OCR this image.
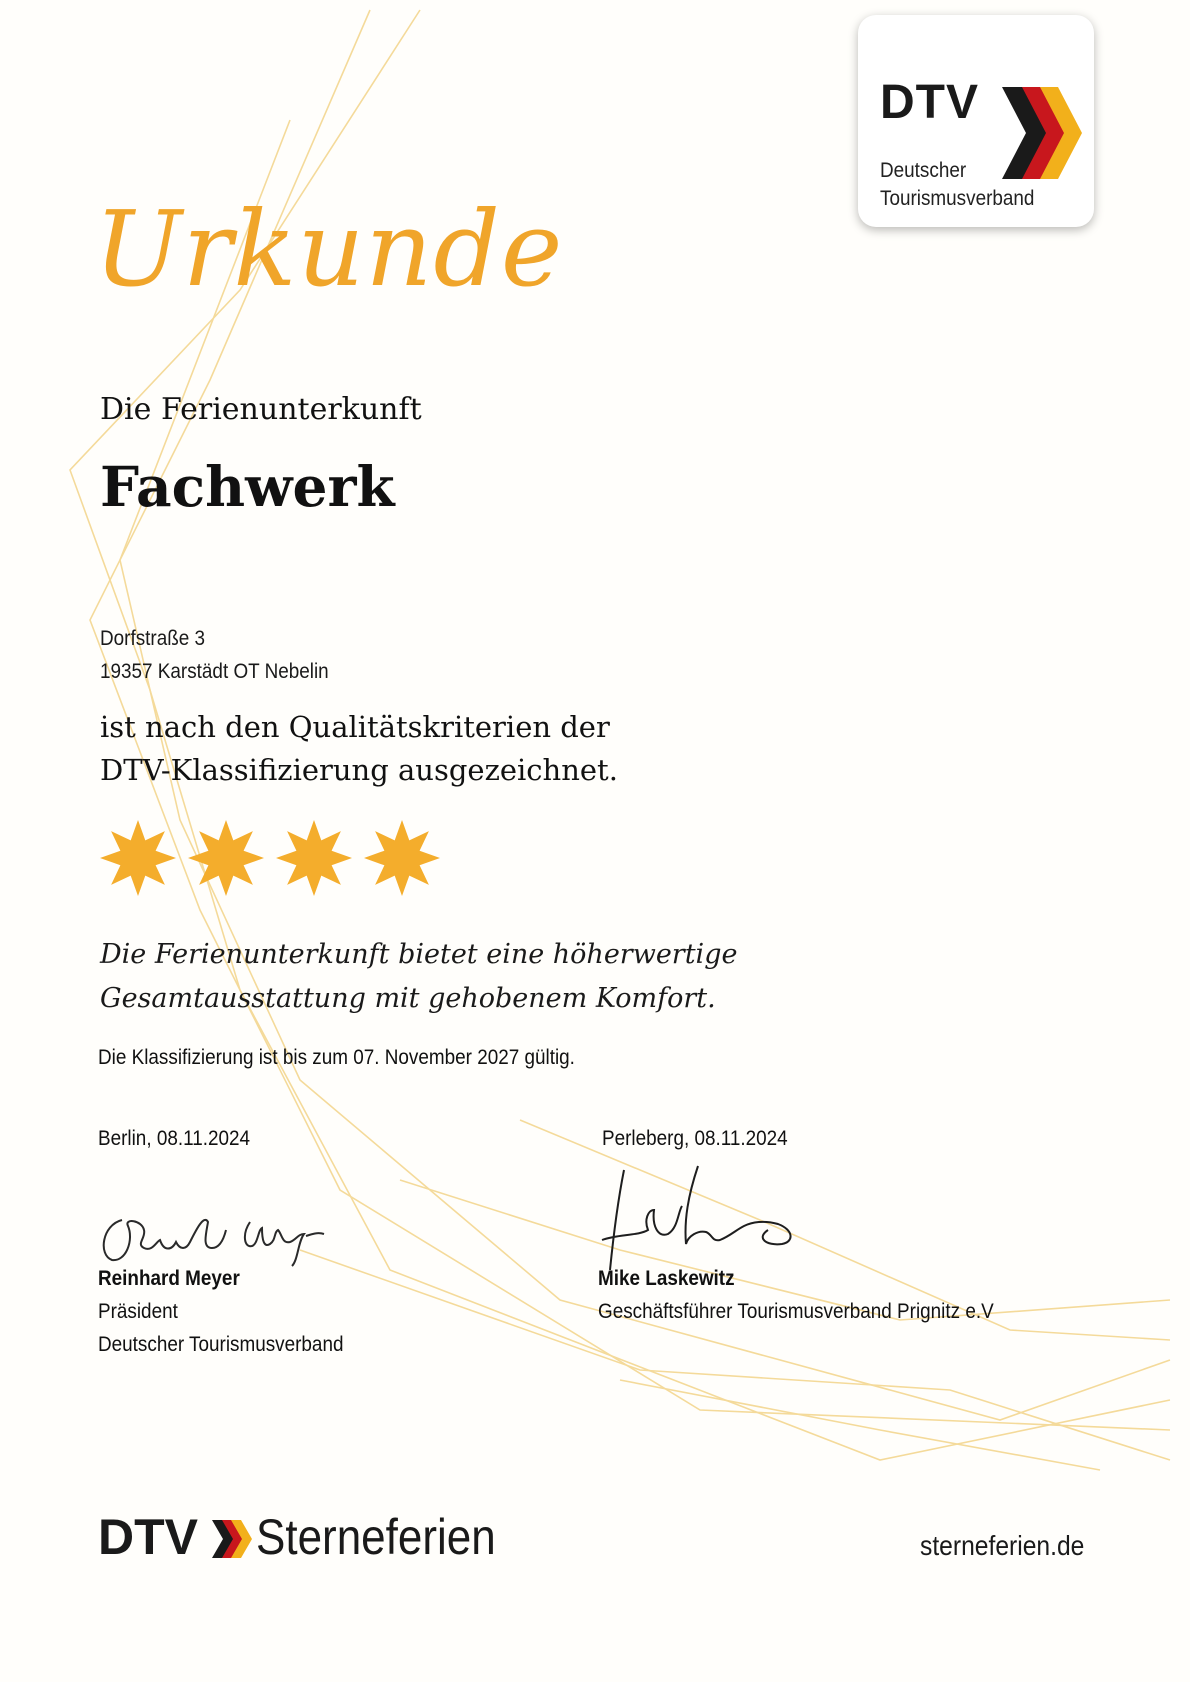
DTV
Deutscher
Tourismusverband
Urkunde
Die Ferienunterkunft
Fachwerk
Dorfstraße 3
19357 Karstädt OT Nebelin
ist nach den Qualitätskriterien der
DTV-Klassifizierung ausgezeichnet.
Die Ferienunterkunft bietet eine höherwertige
Gesamtausstattung mit gehobenem Komfort.
Die Klassifizierung ist bis zum 07. November 2027 gültig.
Berlin, 08.11.2024	Perleberg, 08.11.2024
Reinhard Meyer
Präsident
Deutscher Tourismusverband
Mike Laskewitz
Geschäftsführer Tourismusverband Prignitz e.V
DTV Sterneferien	sterneferien.de
